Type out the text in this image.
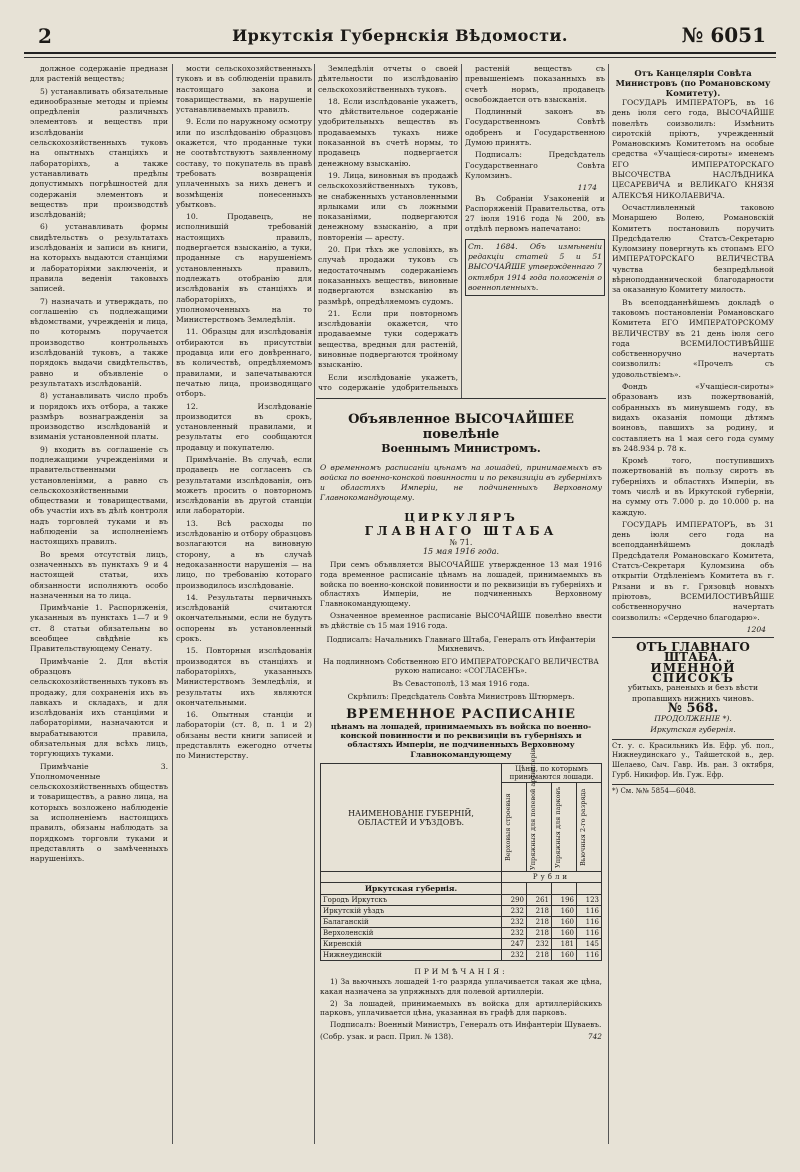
2	Иркутскія Губернскія Вѣдомости.	№ 6051

должное содержаніе предназн для растеній веществъ;

5) устанавливать обязательные единообразные методы и пріемы опредѣленія различныхъ элементовъ и веществъ при изслѣдованіи сельскохозяйственныхъ туковъ на опытныхъ станціяхъ и лабораторіяхъ, а также устанавливать предѣлы допустимыхъ погрѣшностей для содержанія элементовъ и веществъ при производствѣ изслѣдованій;

6) устанавливать формы свидѣтельствъ о результатахъ изслѣдованія и записи въ книги, на которыхъ выдаются станціями и лабораторіями заключенія, и правила веденія таковыхъ записей.

7) назначать и утверждать, по соглашенію съ подлежащими вѣдомствами, учрежденія и лица, по которымъ поручается производство контрольныхъ изслѣдованій туковъ, а также порядокъ выдачи свидѣтельствъ, равно и объявленіе о результатахъ изслѣдованій.

8) устанавливать число пробъ и порядокъ ихъ отбора, а также размѣръ вознагражденія за производство изслѣдованій и взиманія установленной платы.

9) входить въ соглашеніе съ подлежащими учрежденіями и правительственными установленіями, а равно съ сельскохозяйственными обществами и товариществами, объ участіи ихъ въ дѣлѣ контроля надъ торговлей туками и въ наблюденіи за исполненіемъ настоящихъ правилъ.

Во время отсутствія лицъ, означенныхъ въ пунктахъ 9 и 4 настоящей статьи, ихъ обязанности исполняютъ особо назначенныя на то лица.

Примѣчаніе 1. Распоряженія, указанныя въ пунктахъ 1—7 и 9 ст. 8 статьи обязательны во всеобщее свѣдѣніе къ Правительствующему Сенату.

Примѣчаніе 2. Для вѣстія образцовъ сельскохозяйственныхъ туковъ въ продажу, для сохраненія ихъ въ лавкахъ и складахъ, и для изслѣдованія ихъ станціями и лабораторіями, назначаются и вырабатываются правила, обязательныя для всѣхъ лицъ, торгующихъ туками.

Примѣчаніе 3. Уполномоченные сельскохозяйственныхъ обществъ и товариществъ, а равно лица, на которыхъ возложено наблюденіе за исполненіемъ настоящихъ правилъ, обязаны наблюдать за порядкомъ торговли туками и представлять о замѣченныхъ нарушеніяхъ.

мости сельскохозяйственныхъ туковъ и въ соблюденіи правилъ настоящаго закона и товариществами, въ нарушеніе устанавливаемыхъ правилъ.

9. Если по наружному осмотру или по изслѣдованію образцовъ окажется, что проданные туки не соотвѣтствуютъ заявленному составу, то покупатель въ правѣ требовать возвращенія уплаченныхъ за нихъ денегъ и возмѣщенія понесенныхъ убытковъ.

10. Продавецъ, не исполнившій требованій настоящихъ правилъ, подвергается взысканію, а туки, проданные съ нарушеніемъ установленныхъ правилъ, подлежатъ отобранію для изслѣдованія въ станціяхъ и лабораторіяхъ, уполномоченныхъ на то Министерствомъ Земледѣлія.

11. Образцы для изслѣдованія отбираются въ присутствіи продавца или его довѣреннаго, въ количествѣ, опредѣляемомъ правилами, и запечатываются печатью лица, производящаго отборъ.

12. Изслѣдованіе производится въ срокъ, установленный правилами, и результаты его сообщаются продавцу и покупателю.

Примѣчаніе. Въ случаѣ, если продавецъ не согласенъ съ результатами изслѣдованія, онъ можетъ просить о повторномъ изслѣдованіи въ другой станціи или лабораторіи.

13. Всѣ расходы по изслѣдованію и отбору образцовъ возлагаются на виновную сторону, а въ случаѣ недоказанности нарушенія — на лицо, по требованію котораго производилось изслѣдованіе.

14. Результаты первичныхъ изслѣдованій считаются окончательными, если не будутъ оспорены въ установленный срокъ.

15. Повторныя изслѣдованія производятся въ станціяхъ и лабораторіяхъ, указанныхъ Министерствомъ Земледѣлія, и результаты ихъ являются окончательными.

16. Опытныя станціи и лабораторіи (ст. 8, п. 1 и 2) обязаны вести книги записей и представлять ежегодно отчеты по Министерству.

Земледѣлія отчеты о своей дѣятельности по изслѣдованію сельскохозяйственныхъ туковъ.

18. Если изслѣдованіе укажетъ, что дѣйствительное содержаніе удобрительныхъ веществъ въ продаваемыхъ тукахъ ниже показанной въ счетѣ нормы, то продавецъ подвергается денежному взысканію.

19. Лица, виновныя въ продажѣ сельскохозяйственныхъ туковъ, не снабженныхъ установленными ярлыками или съ ложными показаніями, подвергаются денежному взысканію, а при повтореніи — аресту.

20. При тѣхъ же условіяхъ, въ случаѣ продажи туковъ съ недостаточнымъ содержаніемъ показанныхъ веществъ, виновные подвергаются взысканію въ размѣрѣ, опредѣляемомъ судомъ.

21. Если при повторномъ изслѣдованіи окажется, что продаваемые туки содержатъ вещества, вредныя для растеній, виновные подвергаются тройному взысканію.

Если изслѣдованіе укажетъ, что содержаніе удобрительныхъ

растеній веществъ съ превышеніемъ показанныхъ въ счетѣ нормъ, продавецъ освобождается отъ взысканія.

Подлинный законъ въ Государственномъ Совѣтѣ одобренъ и Государственною Думою принятъ.

Подписалъ: Предсѣдатель Государственнаго Совѣта Куломзинъ.

1174

Въ Собраніи Узаконеній и Распоряженій Правительства, отъ 27 іюля 1916 года № 200, въ отдѣлѣ первомъ напечатано:

Ст. 1684. Объ измѣненіи редакціи статей 5 и 51 ВЫСОЧАЙШЕ утвержденнаго 7 октября 1914 года положенія о военнопленныхъ.
Объявленное ВЫСОЧАЙШЕЕ повелѣніе
Военнымъ Министромъ.
О временномъ расписаніи цѣнамъ на лошадей, принимаемыхъ въ войска по военно-конской повинности и по реквизиціи въ губерніяхъ и областяхъ Имперіи, не подчиненныхъ Верховному Главнокомандующему.
ЦИРКУЛЯРЪ
ГЛАВНАГО ШТАБА
№ 71.
15 мая 1916 года.

При семъ объявляется ВЫСОЧАЙШЕ утвержденное 13 мая 1916 года временное расписаніе цѣнамъ на лошадей, принимаемыхъ въ войска по военно-конской повинности и по реквизиціи въ губерніяхъ и областяхъ Имперіи, не подчиненныхъ Верховному Главнокомандующему.

Означенное временное расписаніе ВЫСОЧАЙШЕ повелѣно ввести въ дѣйствіе съ 15 мая 1916 года.

Подписалъ: Начальникъ Главнаго Штаба, Генералъ отъ Инфантеріи Михневичъ.
На подлинномъ Собственною ЕГО ИМПЕРАТОРСКАГО ВЕЛИЧЕСТВА рукою написано: «СОГЛАСЕНЪ».
Въ Севастополѣ, 13 мая 1916 года.
Скрѣпилъ: Предсѣдатель Совѣта Министровъ Штюрмеръ.
ВРЕМЕННОЕ РАСПИСАНІЕ
цѣнамъ на лошадей, принимаемыхъ въ войска по военно-конской повинности и по реквизиціи въ губерніяхъ и областяхъ Имперіи, не подчиненныхъ Верховному Главнокомандующему
НАИМЕНОВАНІЕ ГУБЕРНІЙ, ОБЛАСТЕЙ И УѢЗДОВЪ.	Цѣны, по которымъ принимаются лошади.			

	Верховыя строевыя	Упряжныя для полевой артиллеріи	Упряжныя для парковъ	Вьючныя 2-го разряда

	Рубли			
Иркутская губернія.				
Городъ Иркутскъ	290	261	196	123
Иркутскій уѣздъ	232	218	160	116
Балаганскій	232	218	160	116
Верхоленскій	232	218	160	116
Киренскій	247	232	181	145
Нижнеудинскій	232	218	160	116
ПРИМѢЧАНІЯ:

1) За вьючныхъ лошадей 1-го разряда уплачивается такая же цѣна, какая назначена за упряжныхъ для полевой артиллеріи.

2) За лошадей, принимаемыхъ въ войска для артиллерійскихъ парковъ, уплачивается цѣна, указанная въ графѣ для парковъ.

Подписалъ: Военный Министръ, Генералъ отъ Инфантеріи Шуваевъ.

(Собр. узак. и расп. Прил. № 138).	742
Отъ Канцеляріи Совѣта Министровъ (по Романовскому Комитету).

ГОСУДАРЬ ИМПЕРАТОРЪ, въ 16 день іюля сего года, ВЫСОЧАЙШЕ повелѣть соизволилъ: Измѣнить сиротскій пріютъ, учрежденный Романовскимъ Комитетомъ на особые средства «Учащіеся-сироты» именемъ ЕГО ИМПЕРАТОРСКАГО ВЫСОЧЕСТВА НАСЛѢДНИКА ЦЕСАРЕВИЧА и ВЕЛИКАГО КНЯЗЯ АЛЕКСѢЯ НИКОЛАЕВИЧА.

Осчастливленный таковою Монаршею Волею, Романовскій Комитетъ постановилъ поручить Предсѣдателю Статсъ-Секретарю Куломзину повергнуть къ стопамъ ЕГО ИМПЕРАТОРСКАГО ВЕЛИЧЕСТВА чувства безпредѣльной вѣрноподданнической благодарности за оказанную Комитету милость.

Въ всеподданнѣйшемъ докладѣ о таковомъ постановленіи Романовскаго Комитета ЕГО ИМПЕРАТОРСКОМУ ВЕЛИЧЕСТВУ въ 21 день іюля сего года ВСЕМИЛОСТИВѢЙШЕ собственноручно начертать соизволилъ: «Прочелъ съ удовольствіемъ».

Фондъ «Учащіеся-сироты» образованъ изъ пожертвованій, собранныхъ въ минувшемъ году, въ видахъ оказанія помощи дѣтямъ воиновъ, павшихъ за родину, и составляетъ на 1 мая сего года сумму въ 248.934 р. 78 к.

Кромѣ того, поступившихъ пожертвованій въ пользу сиротъ въ губерніяхъ и областяхъ Имперіи, въ томъ числѣ и въ Иркутской губерніи, на сумму отъ 7.000 р. до 10.000 р. на каждую.

ГОСУДАРЬ ИМПЕРАТОРЪ, въ 31 день іюля сего года на всеподданнѣйшемъ докладѣ Предсѣдателя Романовскаго Комитета, Статсъ-Секретаря Куломзина объ открытіи Отдѣленіемъ Комитета въ г. Рязани и въ г. Грязовцѣ новыхъ пріютовъ, ВСЕМИЛОСТИВѢЙШЕ собственноручно начертать соизволилъ: «Сердечно благодарю».

1204
ОТЪ ГЛАВНАГО ШТАБА.
ИМЕННОЙ СПИСОКЪ
убитыхъ, раненыхъ и безъ вѣсти пропавшихъ нижнихъ чиновъ.
№ 568.
ПРОДОЛЖЕНІЕ *).
Иркутская губернія.
Ст. у. с. Красильникъ Ив. Ефр. уб. пол., Нижнеудинскаго у., Тайшетской в., дер. Шелаево, Сыч. Гавр. Ив. ран. 3 октября, Гурб. Никифор. Ив. Гуж. Ефр.
*) См. №№ 5854—6048.
